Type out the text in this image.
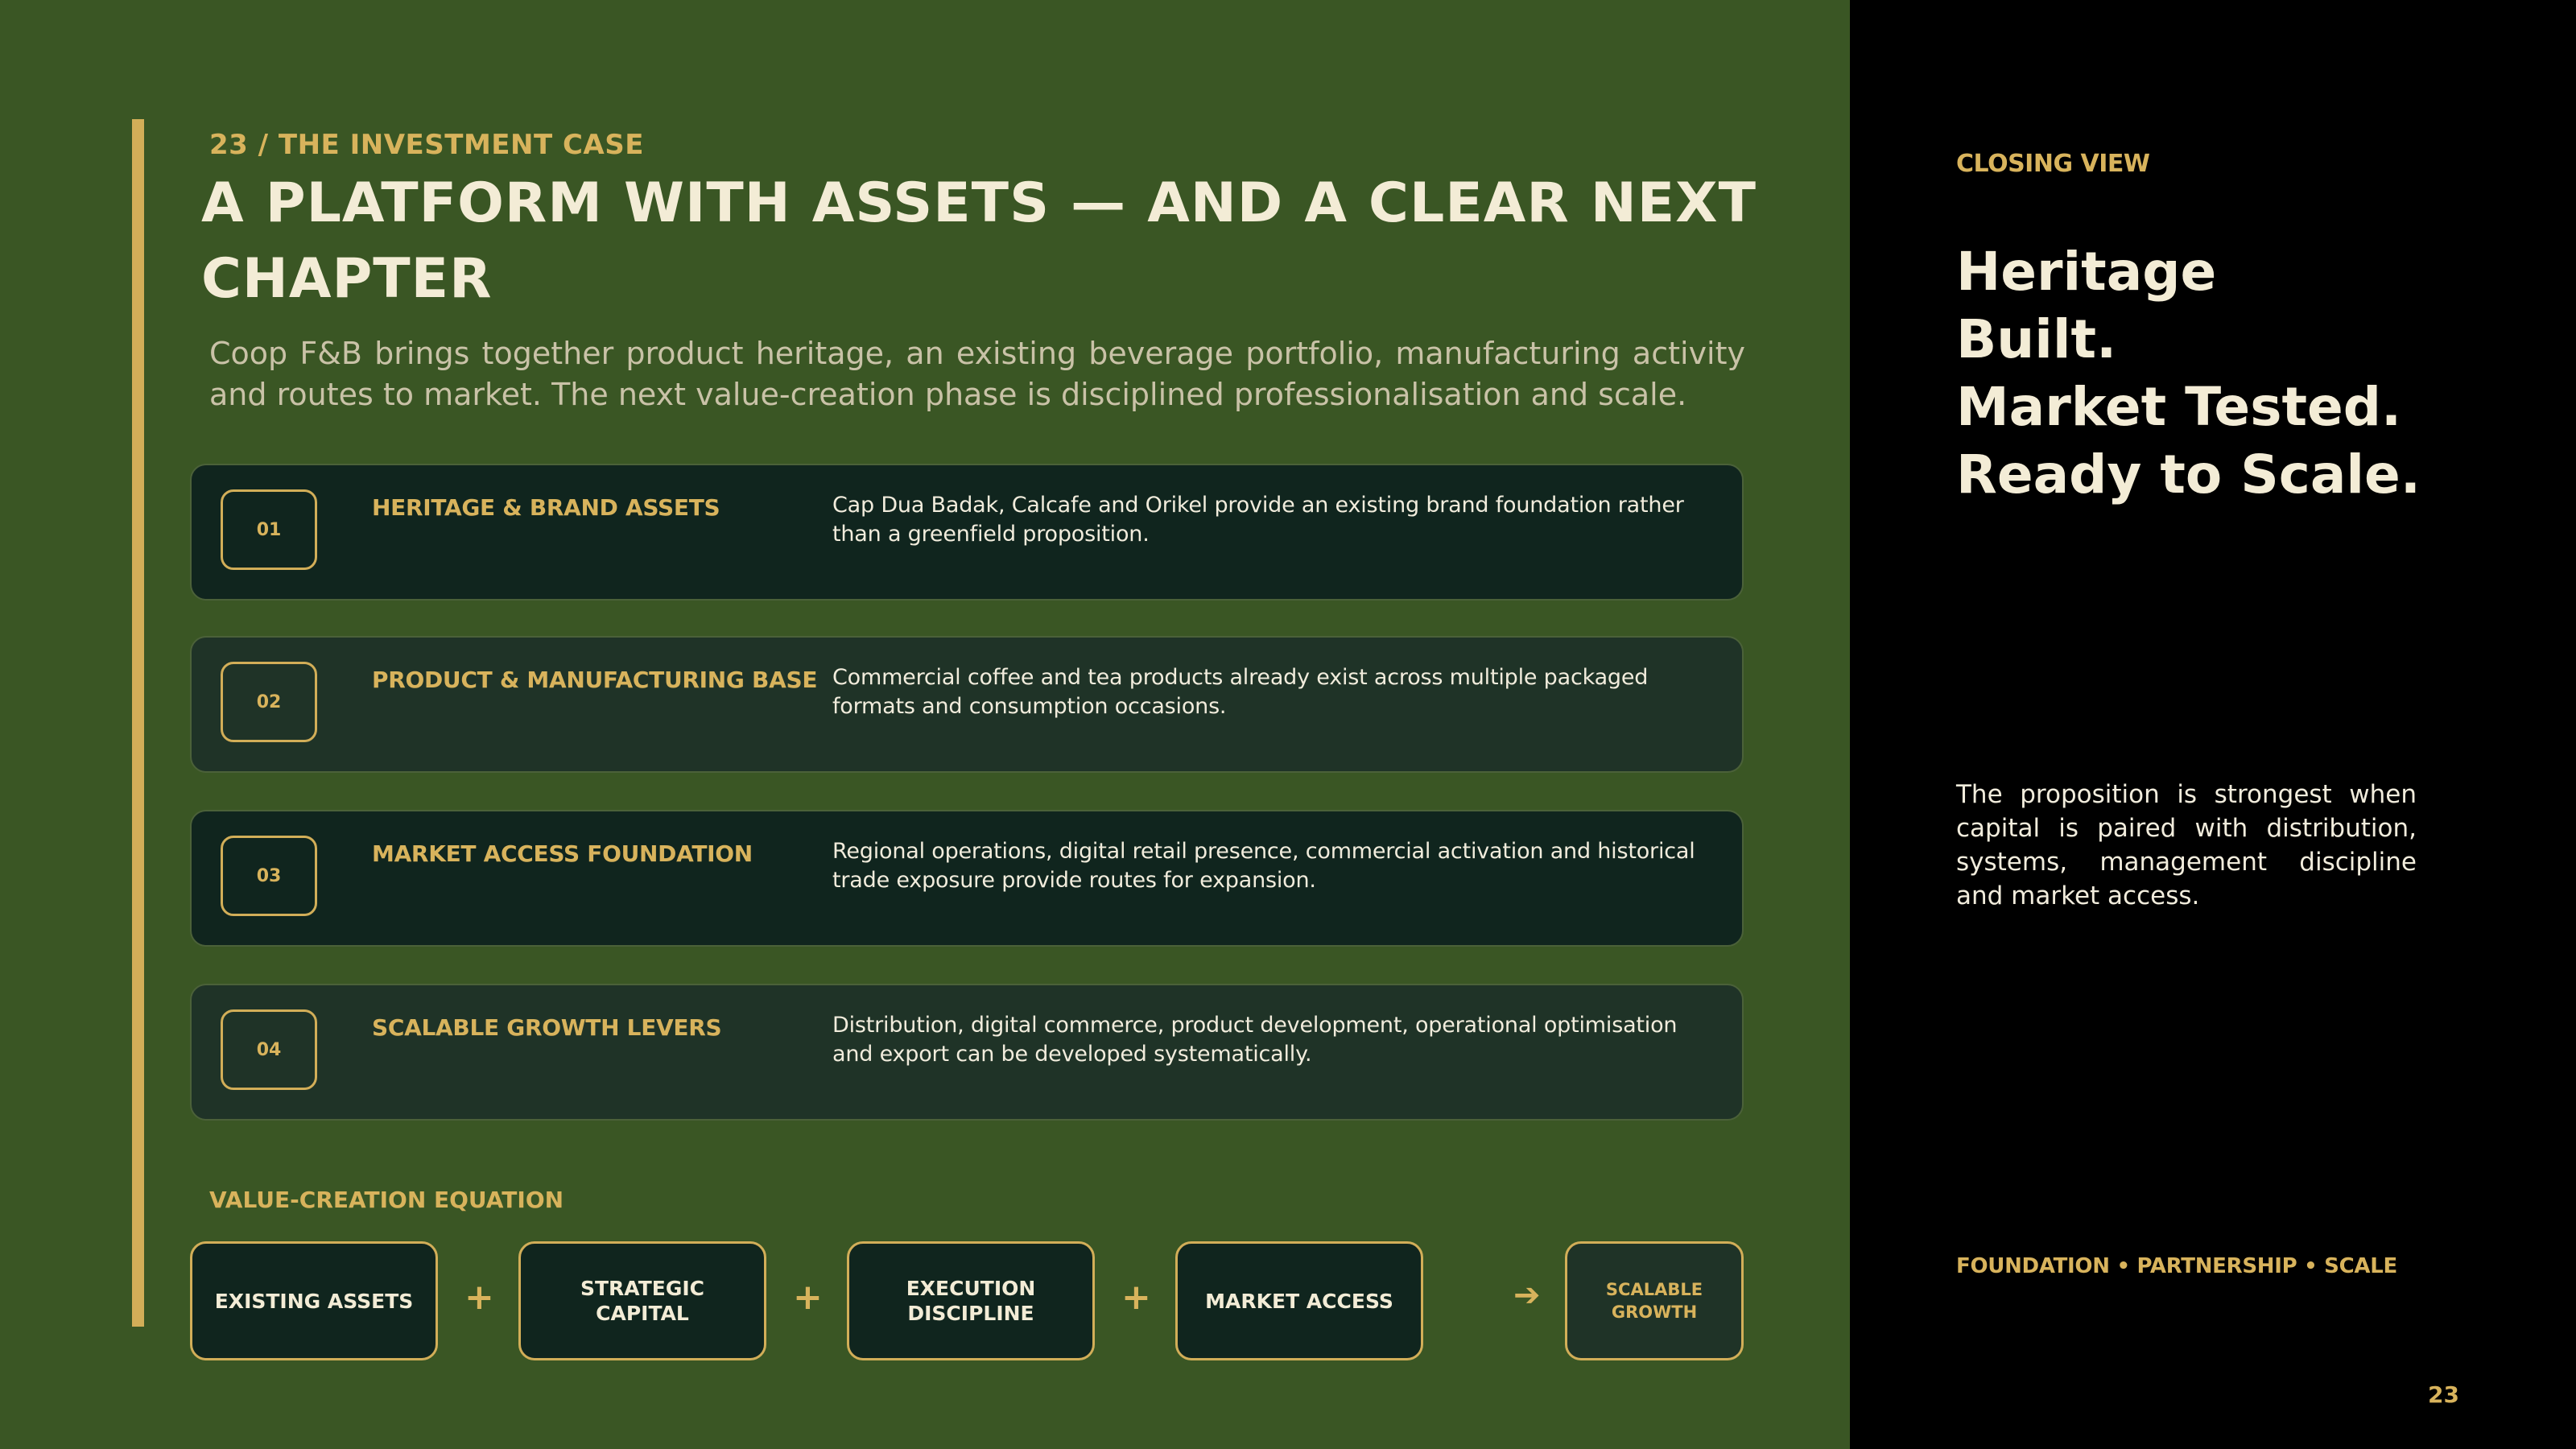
23 / THE INVESTMENT CASE
A PLATFORM WITH ASSETS — AND A CLEAR NEXT CHAPTER
Coop F&B brings together product heritage, an existing beverage portfolio, manufacturing activity and routes to market. The next value-creation phase is disciplined professionalisation and scale.
01
HERITAGE & BRAND ASSETS	Cap Dua Badak, Calcafe and Orikel provide an existing brand foundation rather than a greenfield proposition.
02
PRODUCT & MANUFACTURING BASE Commercial coffee and tea products already exist across multiple packaged formats and consumption occasions.
03
MARKET ACCESS FOUNDATION	Regional operations, digital retail presence, commercial activation and historical trade exposure provide routes for expansion.
04
SCALABLE GROWTH LEVERS	Distribution, digital commerce, product development, operational optimisation and export can be developed systematically.
VALUE-CREATION EQUATION
EXISTING ASSETS	+	STRATEGIC CAPITAL	+	EXECUTION DISCIPLINE	+	MARKET ACCESS	➔	SCALABLE GROWTH
CLOSING VIEW
Heritage
Built.
Market Tested.
Ready to Scale.
The proposition is strongest when capital is paired with distribution, systems, management discipline and market access.
FOUNDATION • PARTNERSHIP • SCALE
23
